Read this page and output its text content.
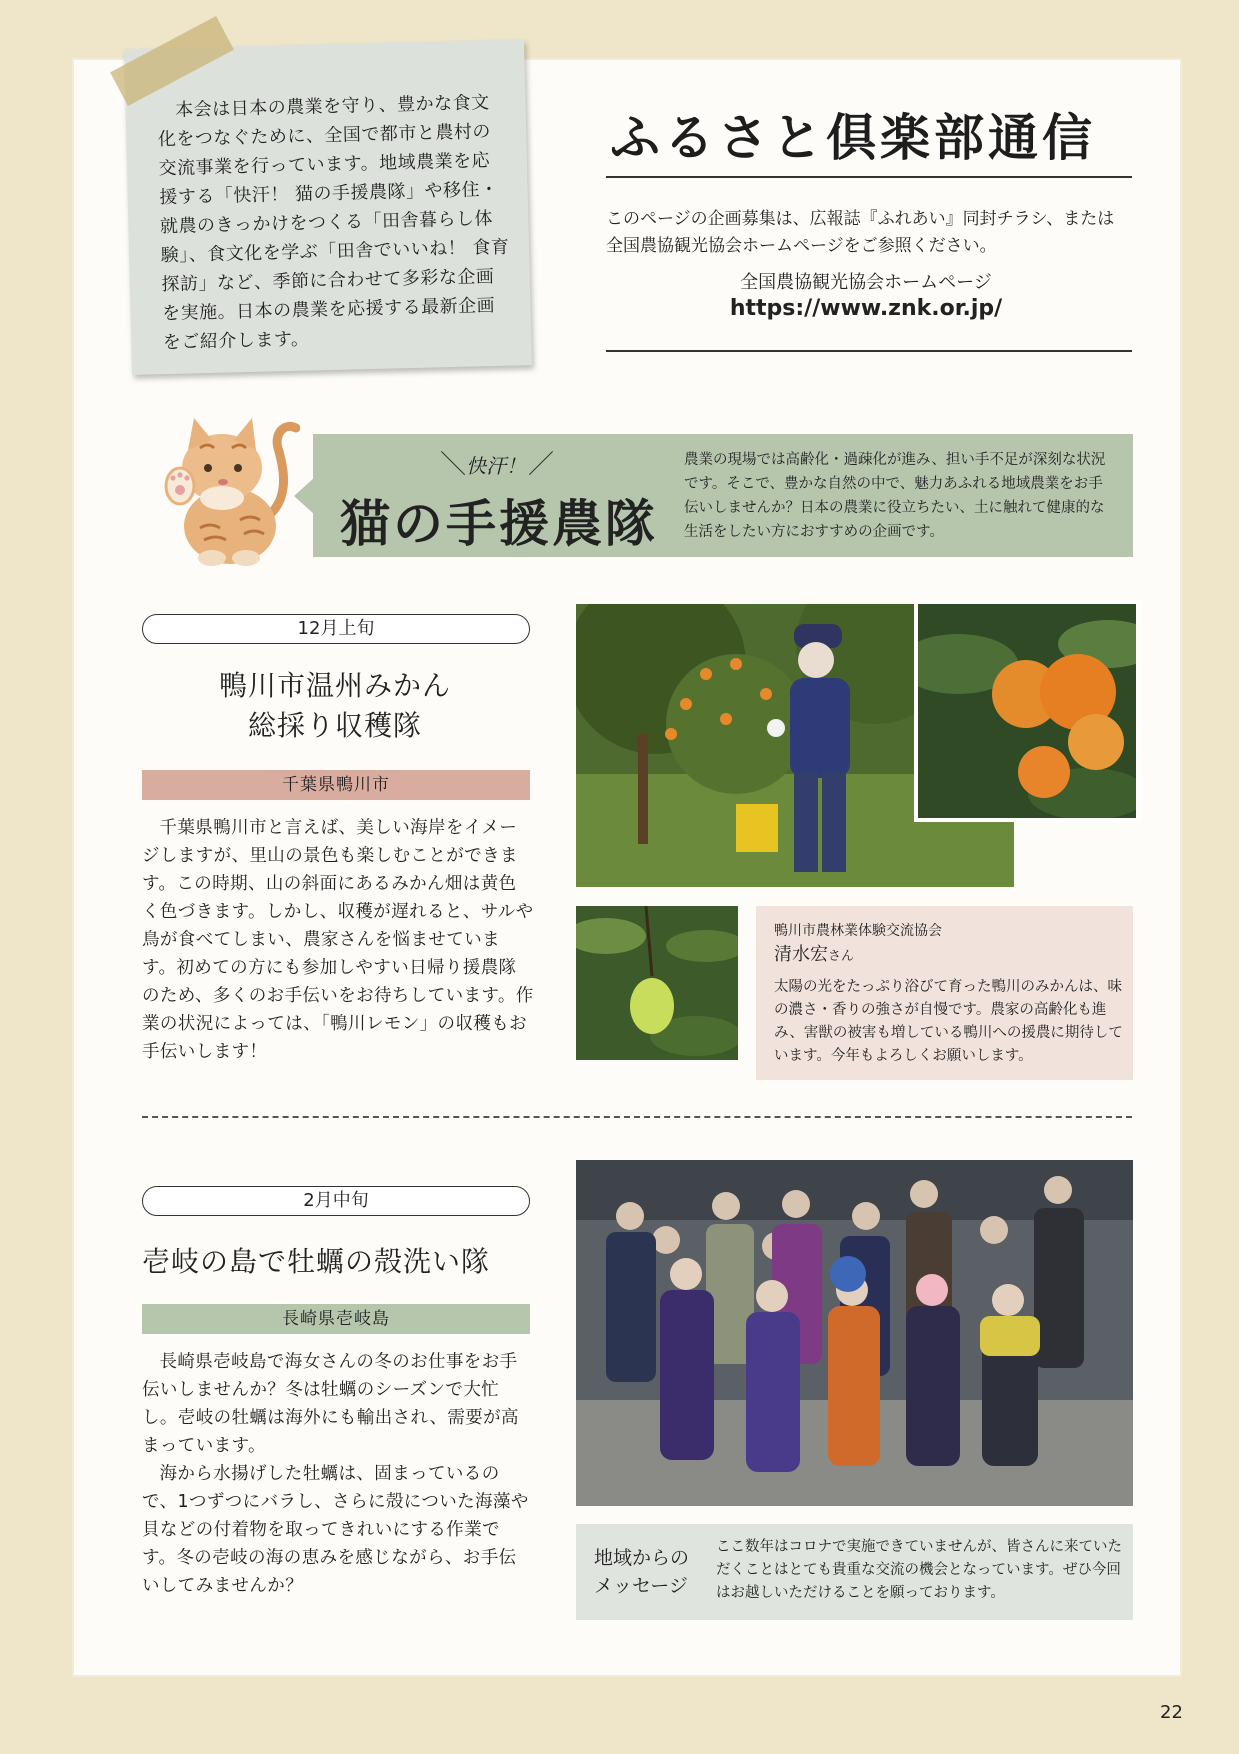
本会は日本の農業を守り、豊かな食文化をつなぐために、全国で都市と農村の交流事業を行っています。地域農業を応援する「快汗！ 猫の手援農隊」や移住・就農のきっかけをつくる「田舎暮らし体験」、食文化を学ぶ「田舎でいいね！ 食育探訪」など、季節に合わせて多彩な企画を実施。日本の農業を応援する最新企画をご紹介します。

ふるさと倶楽部通信

このページの企画募集は、広報誌『ふれあい』同封チラシ、または全国農協観光協会ホームページをご参照ください。

全国農協観光協会ホームページ

https://www.znk.or.jp/

＼ 快汗！ ／
猫の手援農隊

農業の現場では高齢化・過疎化が進み、担い手不足が深刻な状況です。そこで、豊かな自然の中で、魅力あふれる地域農業をお手伝いしませんか？日本の農業に役立ちたい、土に触れて健康的な生活をしたい方におすすめの企画です。

12月上旬

鴨川市温州みかん

総採り収穫隊

千葉県鴨川市

千葉県鴨川市と言えば、美しい海岸をイメージしますが、里山の景色も楽しむことができます。この時期、山の斜面にあるみかん畑は黄色く色づきます。しかし、収穫が遅れると、サルや鳥が食べてしまい、農家さんを悩ませています。初めての方にも参加しやすい日帰り援農隊のため、多くのお手伝いをお待ちしています。作業の状況によっては、「鴨川レモン」の収穫もお手伝いします！

鴨川市農林業体験交流協会

清水宏さん

太陽の光をたっぷり浴びて育った鴨川のみかんは、味の濃さ・香りの強さが自慢です。農家の高齢化も進み、害獣の被害も増している鴨川への援農に期待しています。今年もよろしくお願いします。

2月中旬

壱岐の島で牡蠣の殻洗い隊

長崎県壱岐島

長崎県壱岐島で海女さんの冬のお仕事をお手伝いしませんか？冬は牡蠣のシーズンで大忙し。壱岐の牡蠣は海外にも輸出され、需要が高まっています。

海から水揚げした牡蠣は、固まっているので、1つずつにバラし、さらに殻についた海藻や貝などの付着物を取ってきれいにする作業です。冬の壱岐の海の恵みを感じながら、お手伝いしてみませんか？

地域からのメッセージ

ここ数年はコロナで実施できていませんが、皆さんに来ていただくことはとても貴重な交流の機会となっています。ぜひ今回はお越しいただけることを願っております。

22
